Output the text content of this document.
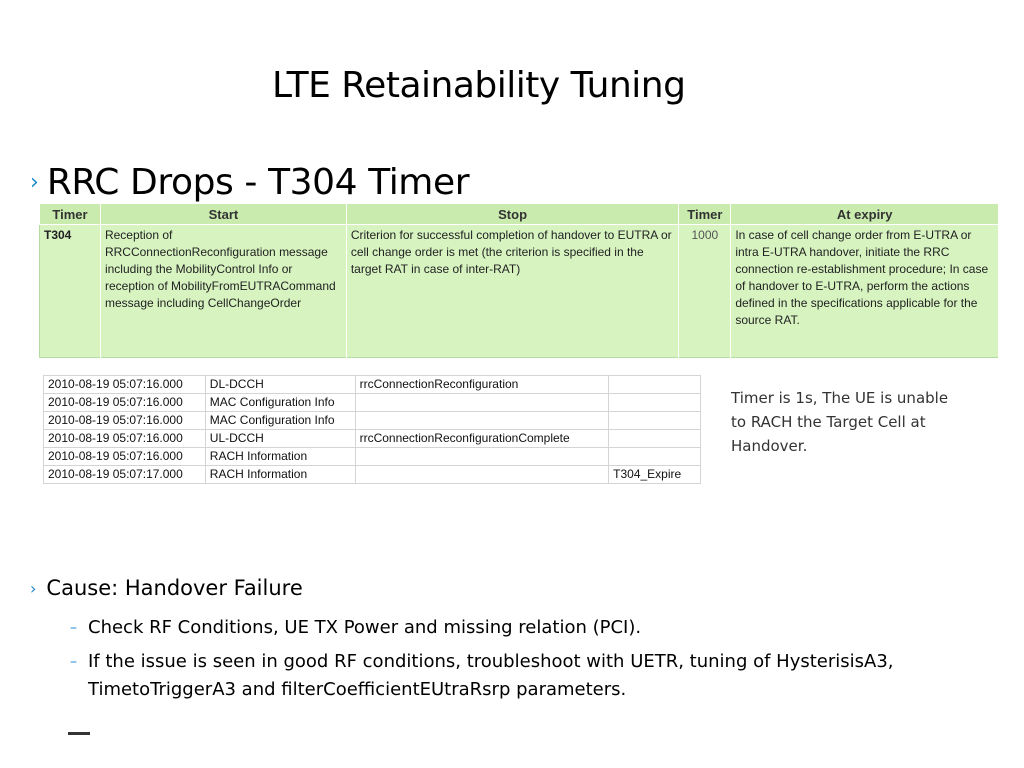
LTE Retainability Tuning
› RRC Drops - T304 Timer
Timer	Start	Stop	Timer	At expiry
T304	Reception of RRCConnectionReconfiguration message including the MobilityControl Info or reception of MobilityFromEUTRACommand message including CellChangeOrder	Criterion for successful completion of handover to EUTRA or cell change order is met (the criterion is specified in the target RAT in case of inter-RAT)	1000	In case of cell change order from E-UTRA or intra E-UTRA handover, initiate the RRC connection re-establishment procedure; In case of handover to E-UTRA, perform the actions defined in the specifications applicable for the source RAT.
2010-08-19 05:07:16.000	DL-DCCH	rrcConnectionReconfiguration	
2010-08-19 05:07:16.000	MAC Configuration Info		
2010-08-19 05:07:16.000	MAC Configuration Info		
2010-08-19 05:07:16.000	UL-DCCH	rrcConnectionReconfigurationComplete	
2010-08-19 05:07:16.000	RACH Information		
2010-08-19 05:07:17.000	RACH Information		T304_Expire
Timer is 1s, The UE is unable to RACH the Target Cell at Handover.
› Cause: Handover Failure
– Check RF Conditions, UE TX Power and missing relation (PCI).
– If the issue is seen in good RF conditions, troubleshoot with UETR, tuning of HysterisisA3, TimetoTriggerA3 and filterCoefficientEUtraRsrp parameters.
